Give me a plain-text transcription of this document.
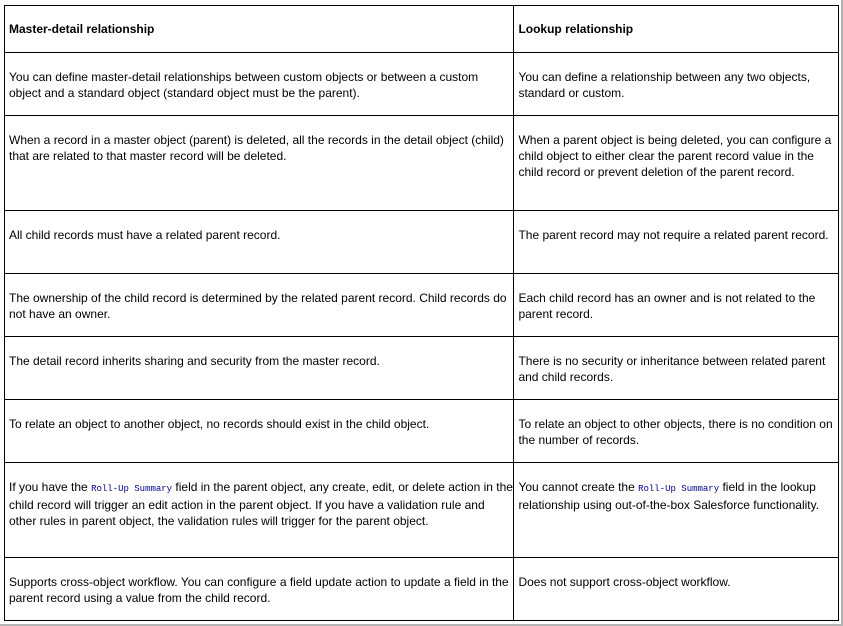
Master-detail relationship	Lookup relationship

You can define master-detail relationships between custom objects or between a custom object and a standard object (standard object must be the parent).	You can define a relationship between any two objects, standard or custom.

When a record in a master object (parent) is deleted, all the records in the detail object (child) that are related to that master record will be deleted.	When a parent object is being deleted, you can configure a child object to either clear the parent record value in the child record or prevent deletion of the parent record.

All child records must have a related parent record.	The parent record may not require a related parent record.

The ownership of the child record is determined by the related parent record. Child records do not have an owner.	Each child record has an owner and is not related to the parent record.

The detail record inherits sharing and security from the master record.	There is no security or inheritance between related parent and child records.

To relate an object to another object, no records should exist in the child object.	To relate an object to other objects, there is no condition on the number of records.

If you have the Roll-Up Summary field in the parent object, any create, edit, or delete action in the child record will trigger an edit action in the parent object. If you have a validation rule and other rules in parent object, the validation rules will trigger for the parent object.	You cannot create the Roll-Up Summary field in the lookup relationship using out-of-the-box Salesforce functionality.

Supports cross-object workflow. You can configure a field update action to update a field in the parent record using a value from the child record.	Does not support cross-object workflow.
